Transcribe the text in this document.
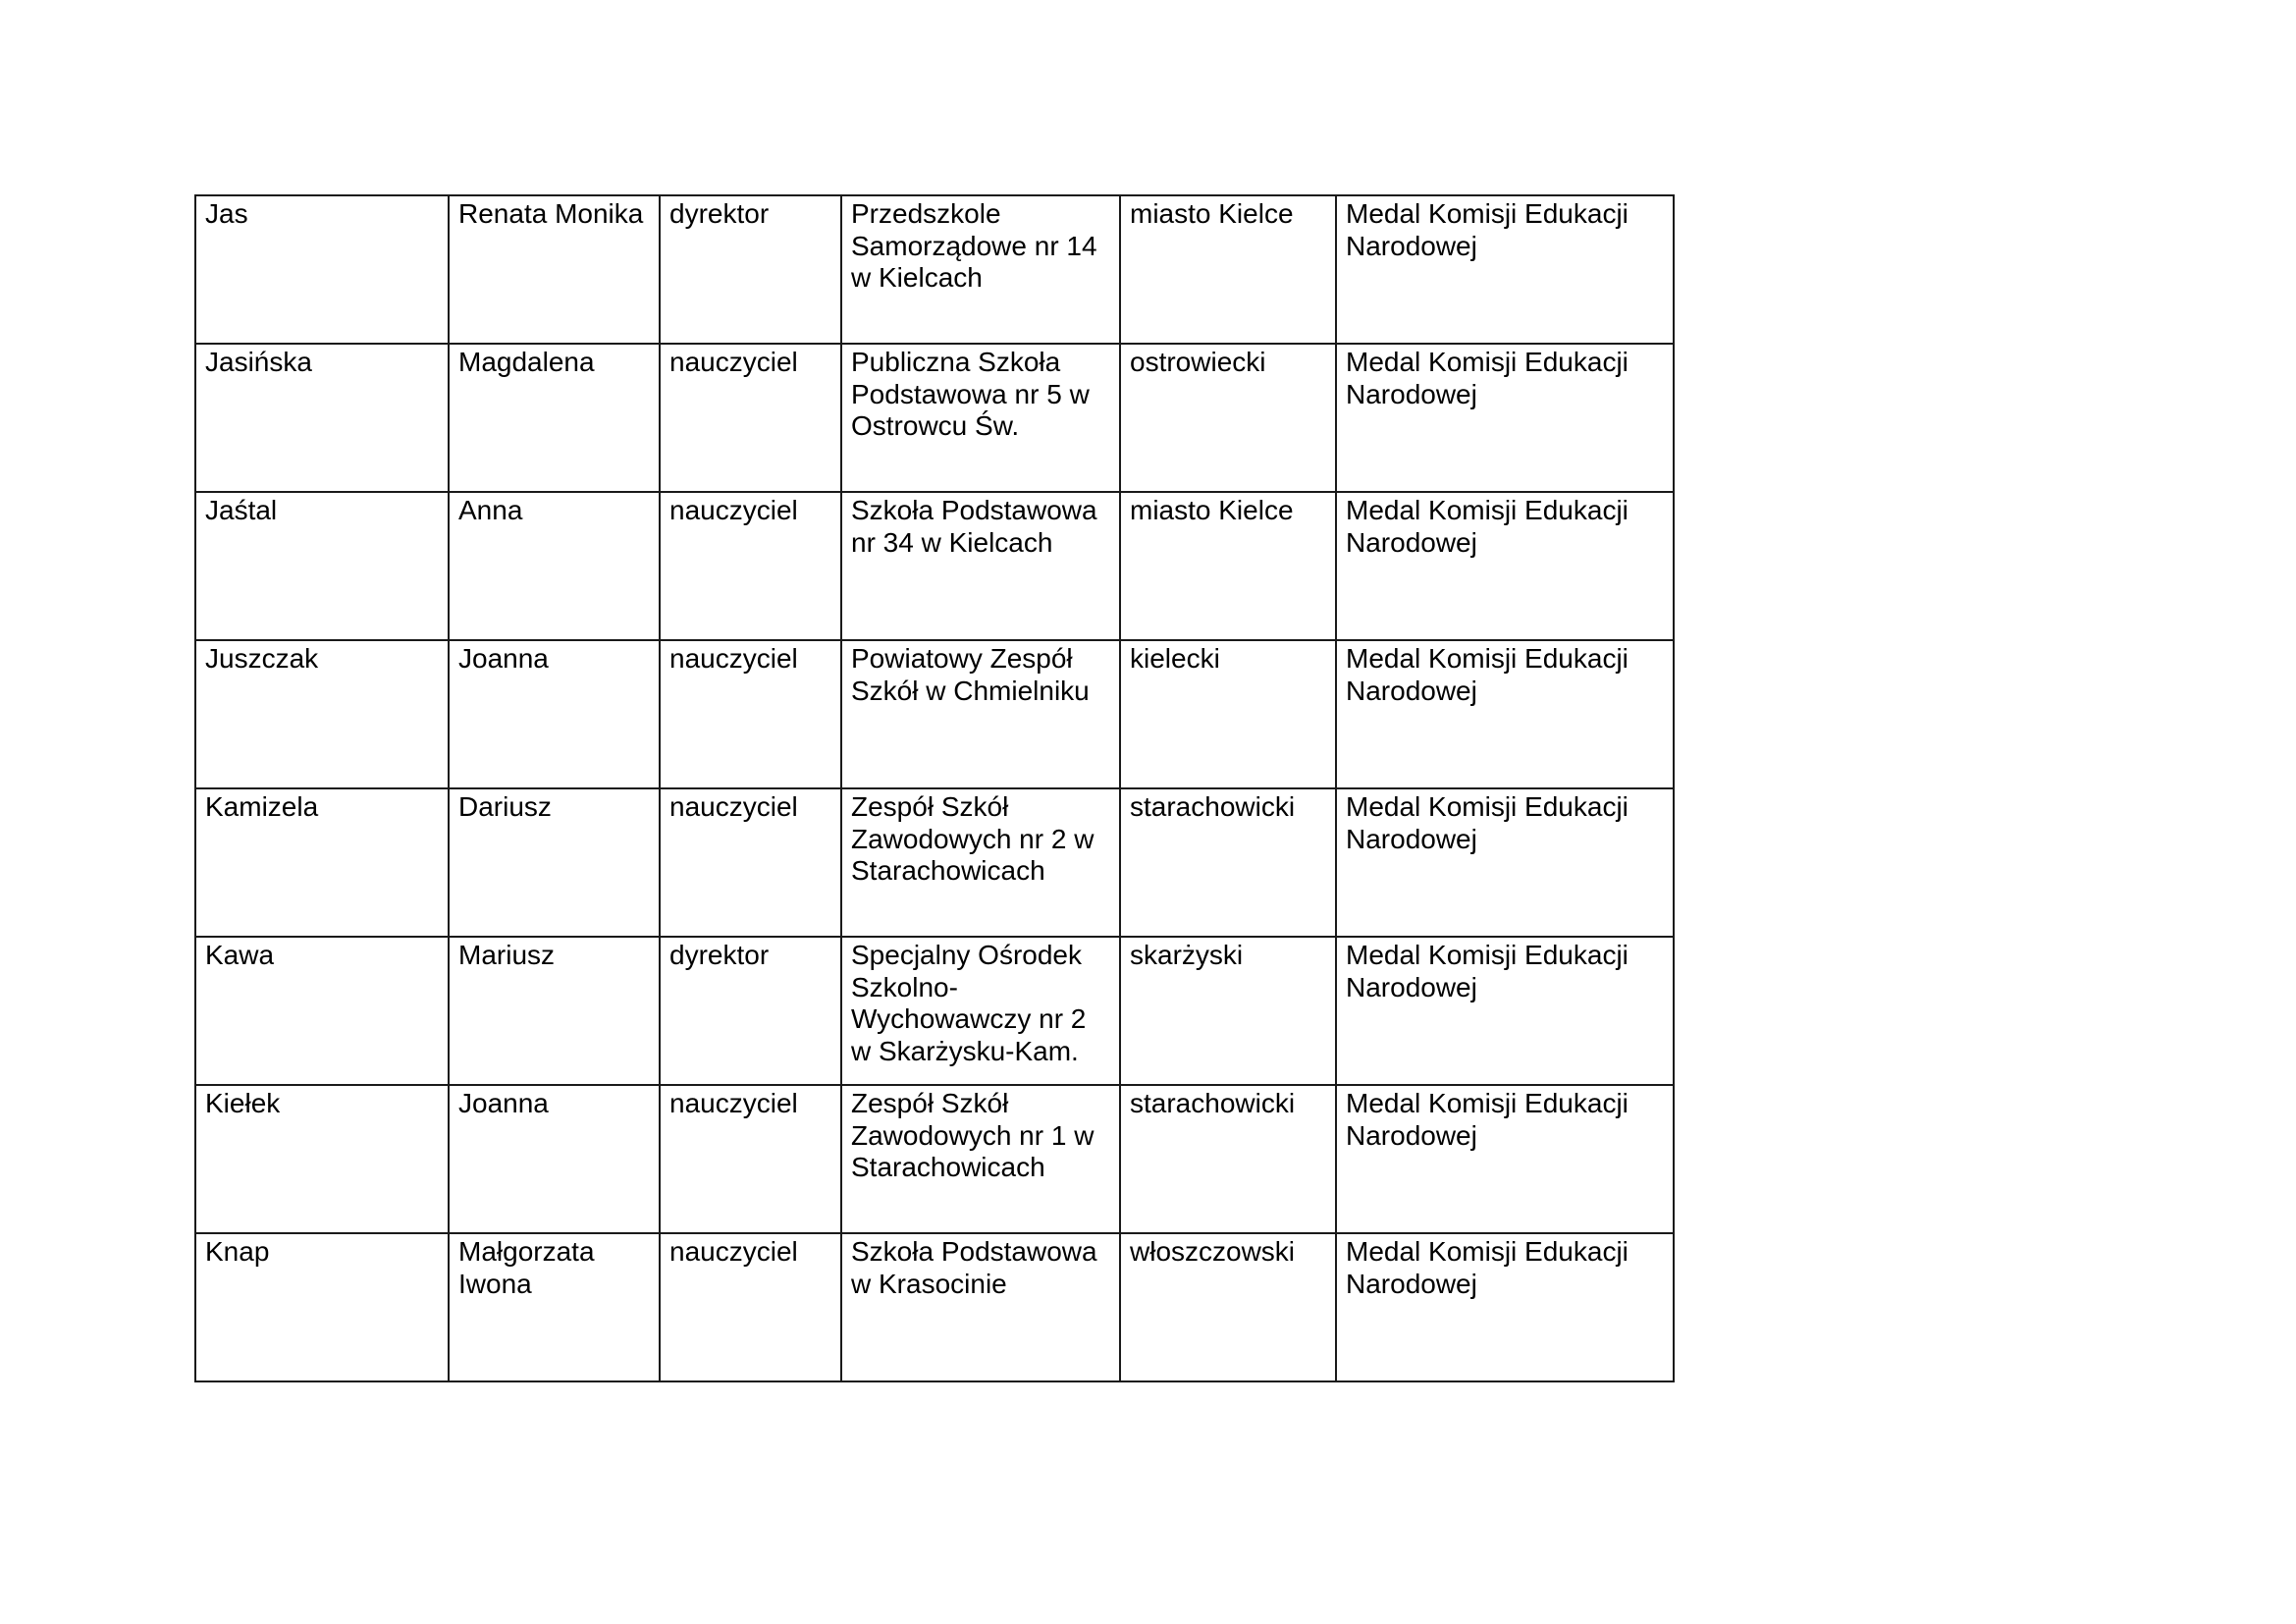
Jas	Renata Monika	dyrektor	Przedszkole Samorządowe nr 14 w Kielcach	miasto Kielce	Medal Komisji Edukacji Narodowej

Jasińska	Magdalena	nauczyciel	Publiczna Szkoła Podstawowa nr 5 w Ostrowcu Św.	ostrowiecki	Medal Komisji Edukacji Narodowej

Jaśtal	Anna	nauczyciel	Szkoła Podstawowa nr 34 w Kielcach	miasto Kielce	Medal Komisji Edukacji Narodowej

Juszczak	Joanna	nauczyciel	Powiatowy Zespół Szkół w Chmielniku	kielecki	Medal Komisji Edukacji Narodowej

Kamizela	Dariusz	nauczyciel	Zespół Szkół Zawodowych nr 2 w Starachowicach	starachowicki	Medal Komisji Edukacji Narodowej

Kawa	Mariusz	dyrektor	Specjalny Ośrodek Szkolno-Wychowawczy nr 2 w Skarżysku-Kam.	skarżyski	Medal Komisji Edukacji Narodowej

Kiełek	Joanna	nauczyciel	Zespół Szkół Zawodowych nr 1 w Starachowicach	starachowicki	Medal Komisji Edukacji Narodowej

Knap	Małgorzata Iwona	nauczyciel	Szkoła Podstawowa w Krasocinie	włoszczowski	Medal Komisji Edukacji Narodowej
